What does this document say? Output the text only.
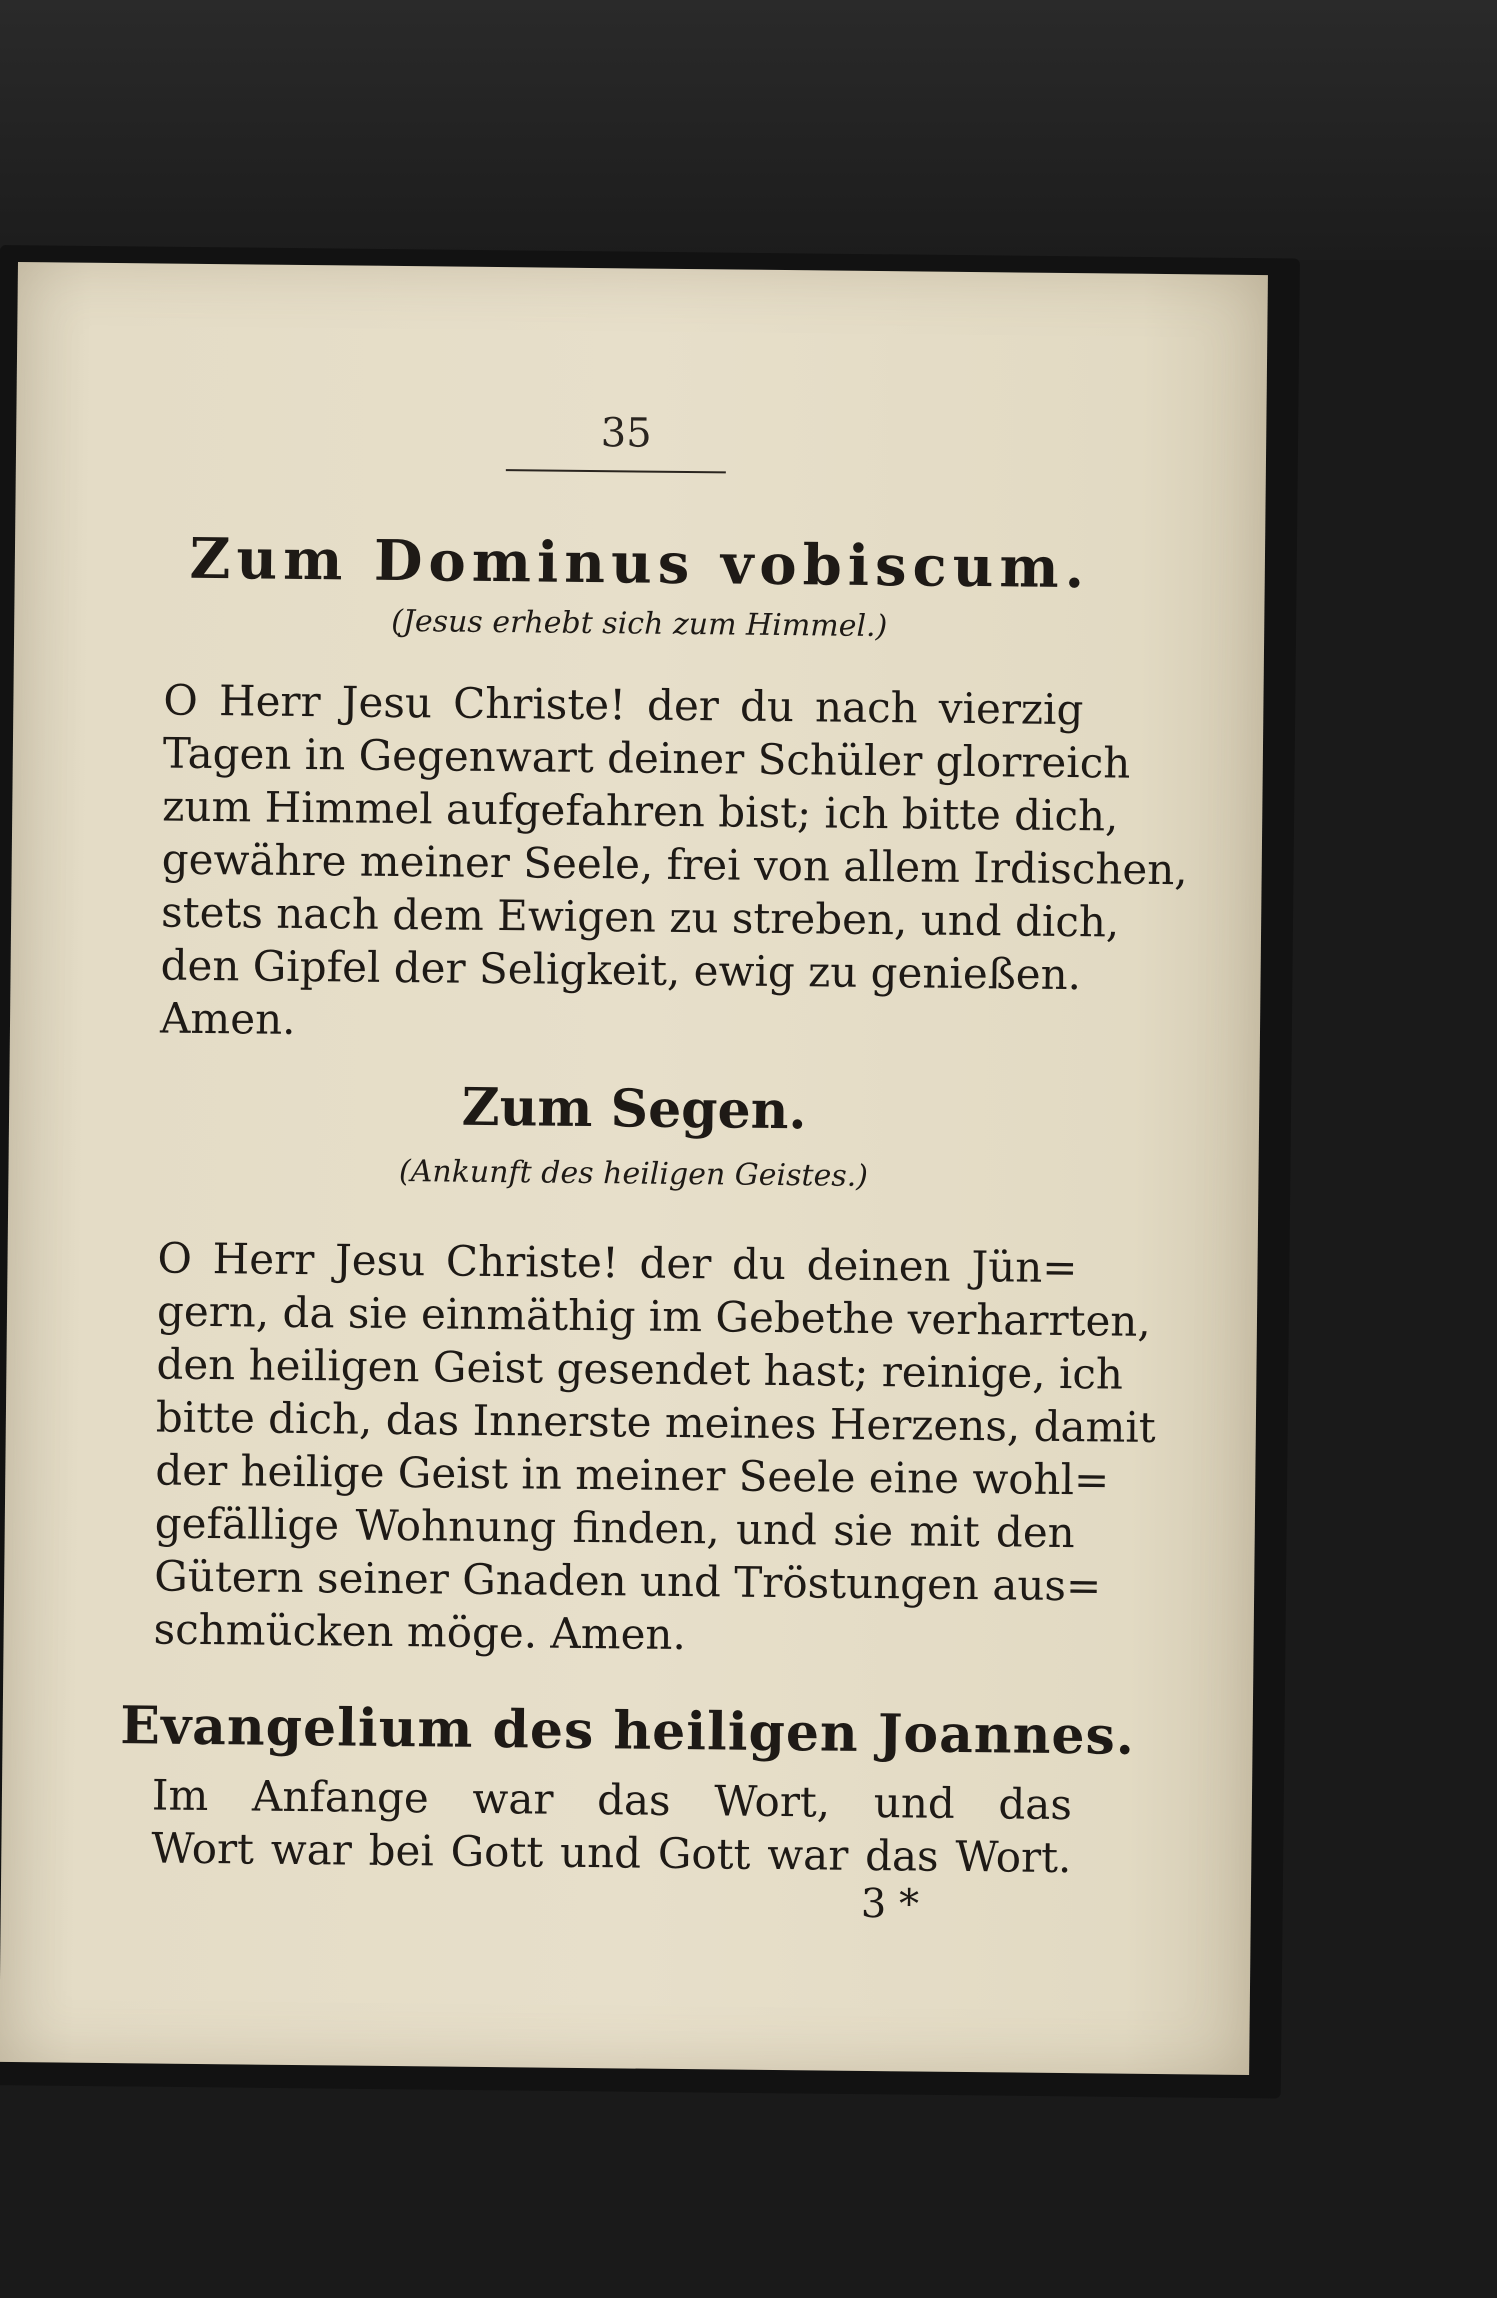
35
Zum Dominus vobiscum.
(Jesus erhebt sich zum Himmel.)
O Herr Jesu Christe! der du nach vierzig
Tagen in Gegenwart deiner Schüler glorreich
zum Himmel aufgefahren bist; ich bitte dich,
gewähre meiner Seele, frei von allem Irdischen,
stets nach dem Ewigen zu streben, und dich,
den Gipfel der Seligkeit, ewig zu genießen.
Amen.
Zum Segen.
(Ankunft des heiligen Geistes.)
O Herr Jesu Christe! der du deinen Jün=
gern, da sie einmäthig im Gebethe verharrten,
den heiligen Geist gesendet hast; reinige, ich
bitte dich, das Innerste meines Herzens, damit
der heilige Geist in meiner Seele eine wohl=
gefällige Wohnung finden, und sie mit den
Gütern seiner Gnaden und Tröstungen aus=
schmücken möge. Amen.
Evangelium des heiligen Joannes.
Im Anfange war das Wort, und das
Wort war bei Gott und Gott war das Wort.
3 *
